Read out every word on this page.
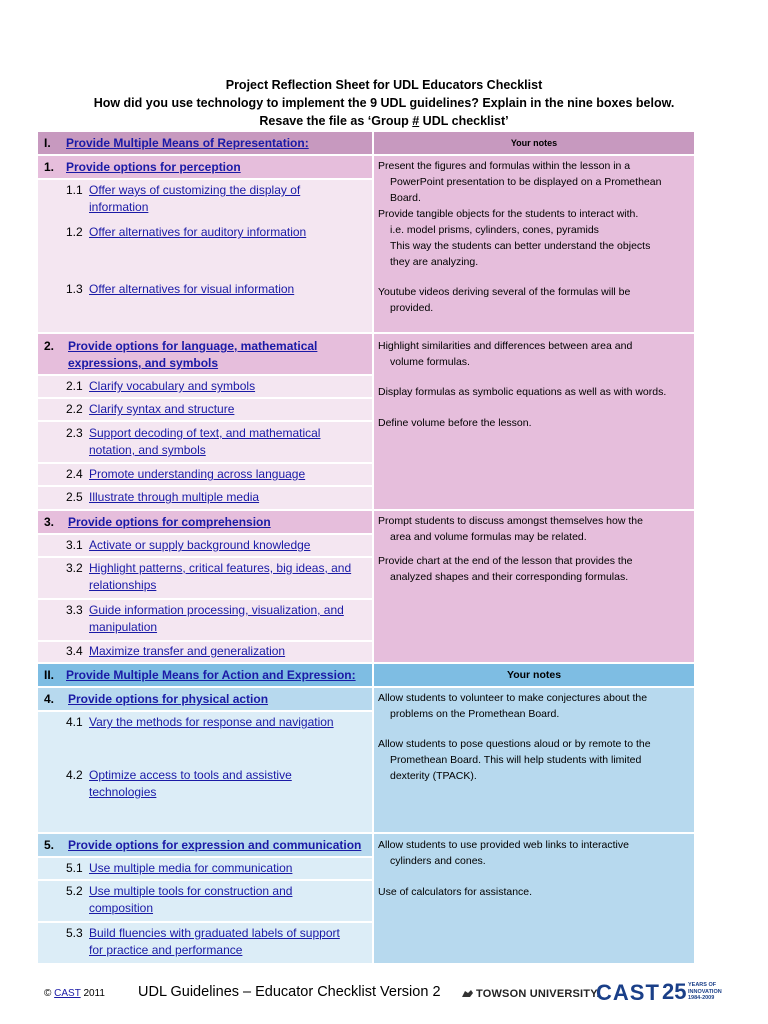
Project Reflection Sheet for UDL Educators Checklist
How did you use technology to implement the 9 UDL guidelines? Explain in the nine boxes below.
Resave the file as ‘Group # UDL checklist’
I. Provide Multiple Means of Representation:
1. Provide options for perception
1.1 Offer ways of customizing the display of information
1.2 Offer alternatives for auditory information
1.3 Offer alternatives for visual information
2. Provide options for language, mathematical
expressions, and symbols
2.1 Clarify vocabulary and symbols
2.2 Clarify syntax and structure
2.3 Support decoding of text, and mathematical
notation, and symbols
2.4 Promote understanding across language
2.5 Illustrate through multiple media
3. Provide options for comprehension
3.1 Activate or supply background knowledge
3.2 Highlight patterns, critical features, big ideas, and
relationships
3.3 Guide information processing, visualization, and
manipulation
3.4 Maximize transfer and generalization
II. Provide Multiple Means for Action and Expression:
4. Provide options for physical action
4.1 Vary the methods for response and navigation
4.2 Optimize access to tools and assistive
technologies
5. Provide options for expression and communication
5.1 Use multiple media for communication
5.2 Use multiple tools for construction and
composition
5.3 Build fluencies with graduated labels of support
for practice and performance
Your notes
Present the figures and formulas within the lesson in a
PowerPoint presentation to be displayed on a Promethean
Board.
Provide tangible objects for the students to interact with.
i.e. model prisms, cylinders, cones, pyramids
This way the students can better understand the objects
they are analyzing.
Youtube videos deriving several of the formulas will be
provided.
Highlight similarities and differences between area and
volume formulas.
Display formulas as symbolic equations as well as with words.
Define volume before the lesson.
Prompt students to discuss amongst themselves how the
area and volume formulas may be related.
Provide chart at the end of the lesson that provides the
analyzed shapes and their corresponding formulas.
Your notes
Allow students to volunteer to make conjectures about the
problems on the Promethean Board.
Allow students to pose questions aloud or by remote to the
Promethean Board. This will help students with limited
dexterity (TPACK).
Allow students to use provided web links to interactive
cylinders and cones.
Use of calculators for assistance.
© CAST 2011 UDL Guidelines – Educator Checklist Version 2	TOWSON UNIVERSITY.
CAST 25 YEARS OF
INNOVATION
1984-2009
